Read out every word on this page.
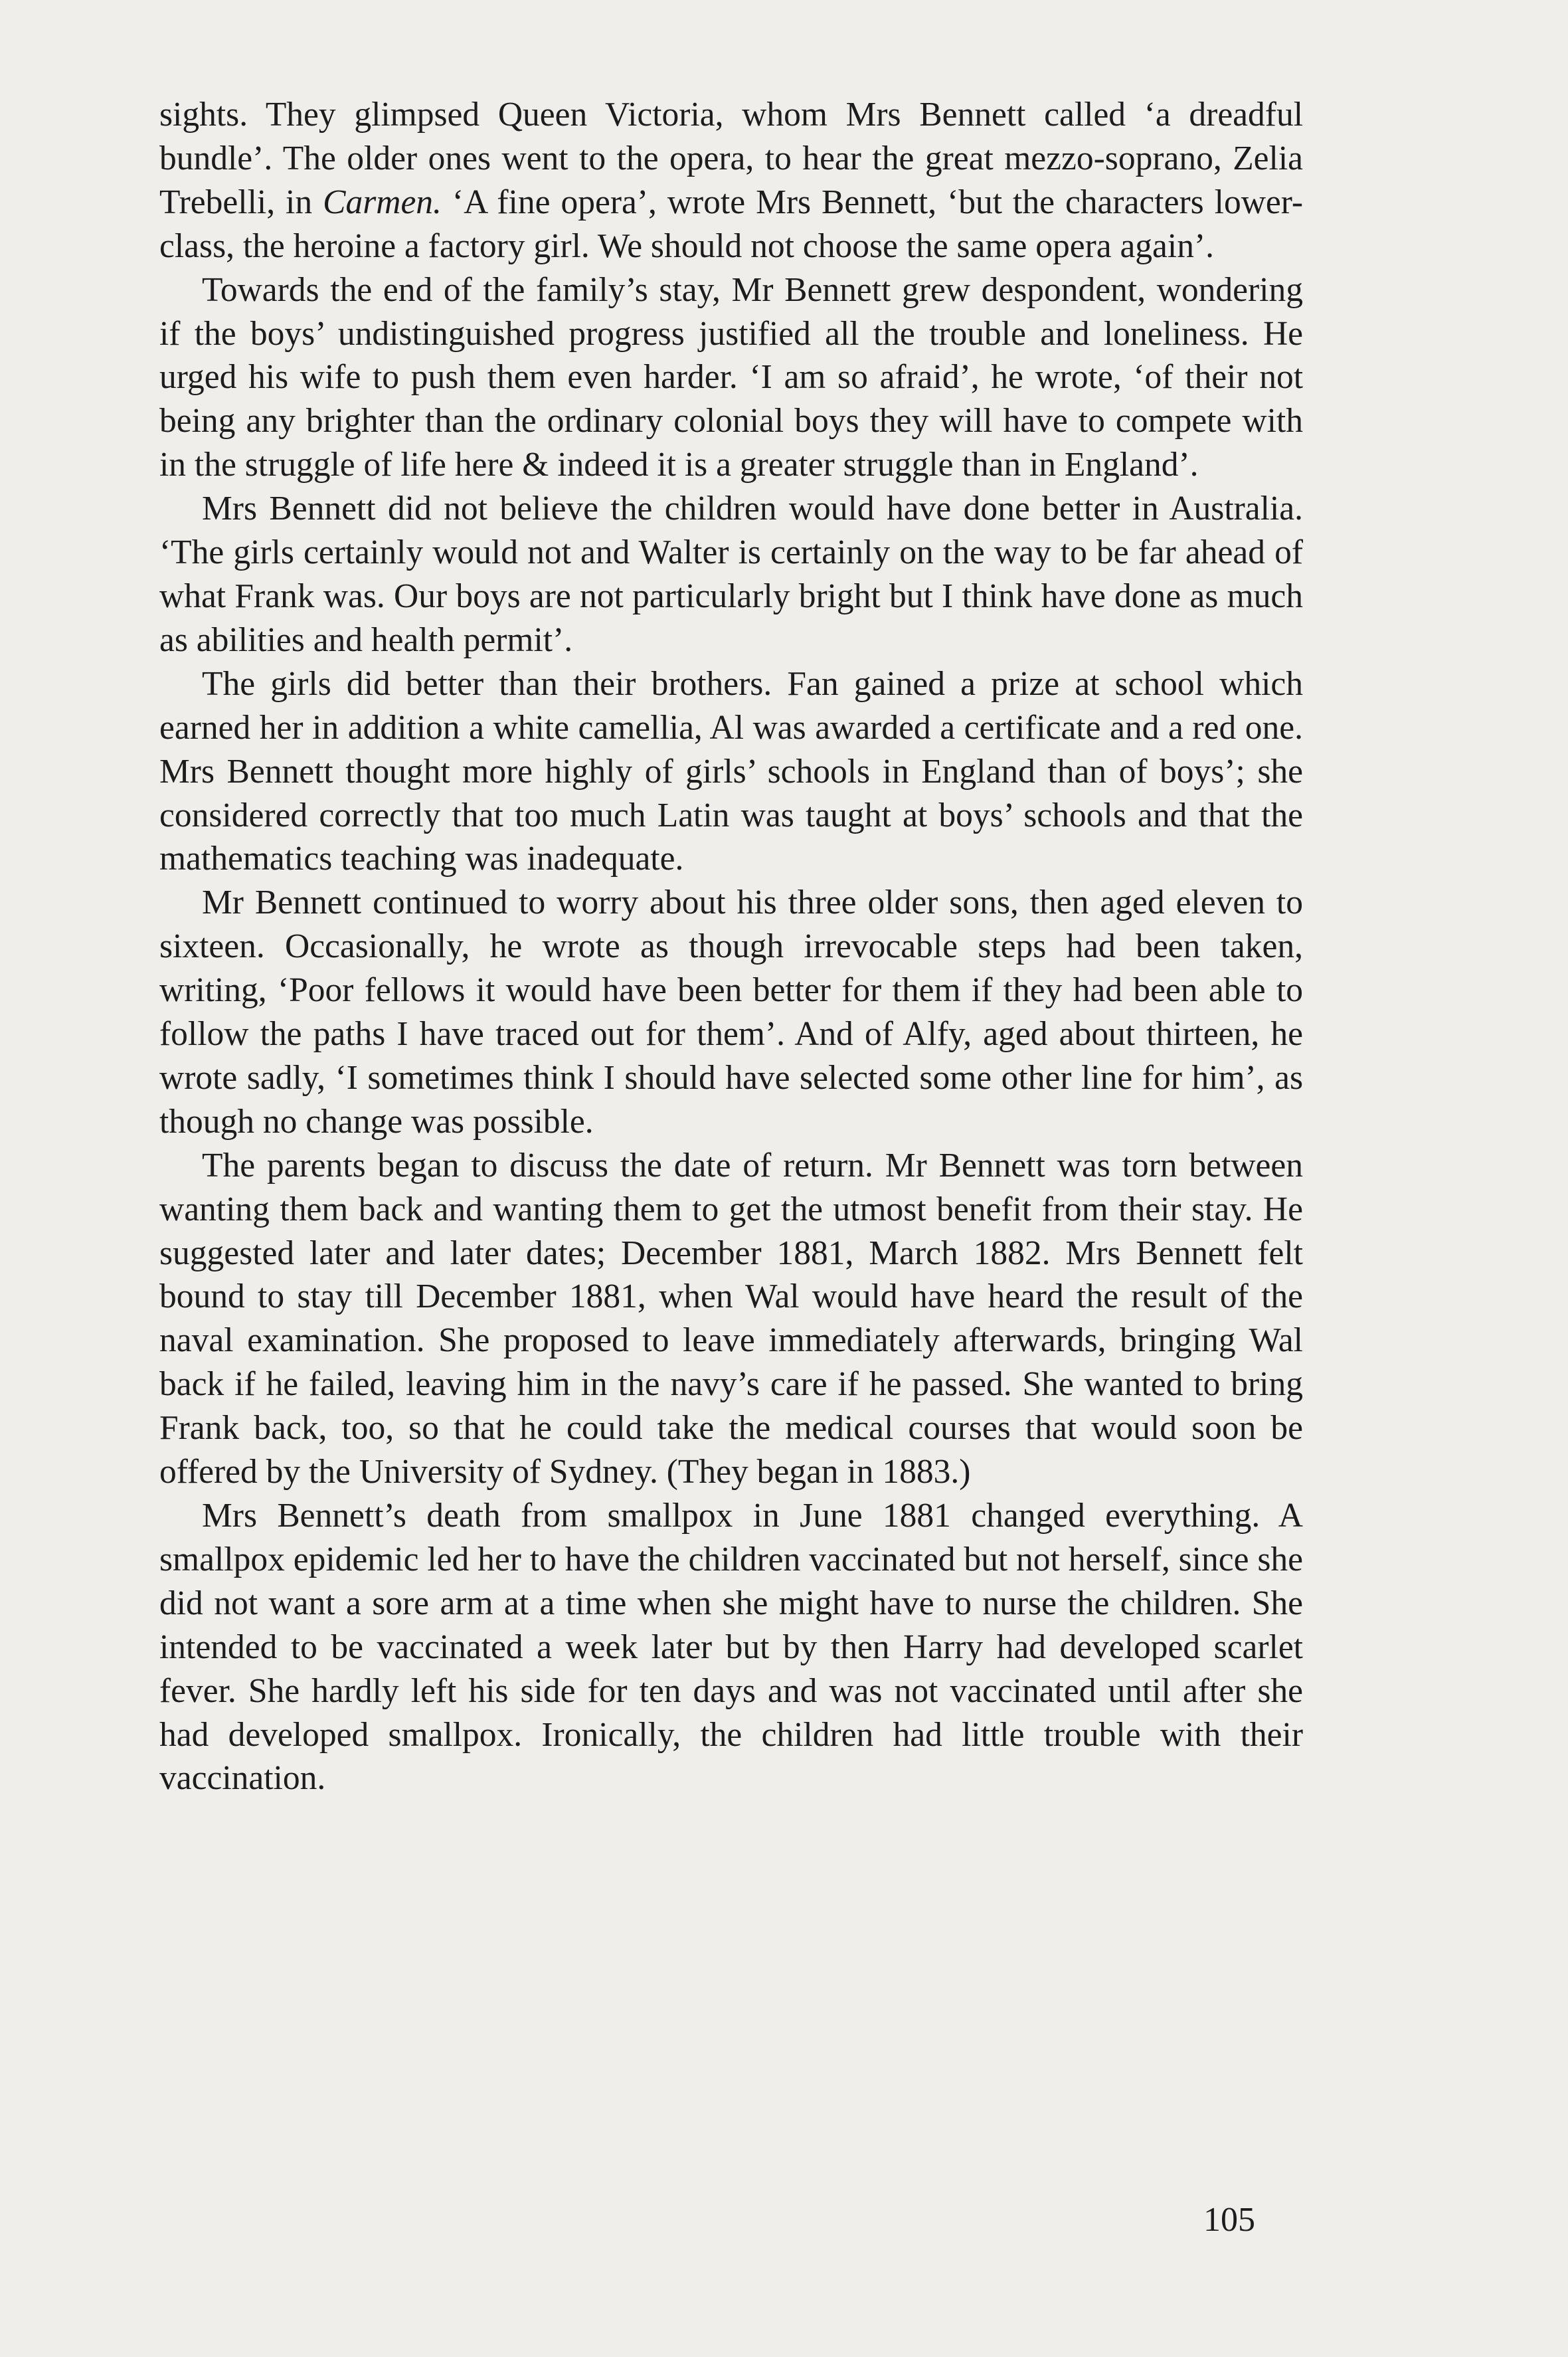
sights. They glimpsed Queen Victoria, whom Mrs Bennett called ‘a dreadful bundle’. The older ones went to the opera, to hear the great mezzo-soprano, Zelia Trebelli, in Carmen. ‘A fine opera’, wrote Mrs Bennett, ‘but the characters lower-class, the heroine a factory girl. We should not choose the same opera again’.

Towards the end of the family’s stay, Mr Bennett grew despondent, wondering if the boys’ undistinguished progress justified all the trouble and loneliness. He urged his wife to push them even harder. ‘I am so afraid’, he wrote, ‘of their not being any brighter than the ordinary colonial boys they will have to compete with in the struggle of life here & indeed it is a greater struggle than in England’.

Mrs Bennett did not believe the children would have done better in Australia. ‘The girls certainly would not and Walter is certainly on the way to be far ahead of what Frank was. Our boys are not particularly bright but I think have done as much as abilities and health permit’.

The girls did better than their brothers. Fan gained a prize at school which earned her in addition a white camellia, Al was awarded a certificate and a red one. Mrs Bennett thought more highly of girls’ schools in England than of boys’; she considered correctly that too much Latin was taught at boys’ schools and that the mathematics teaching was inadequate.

Mr Bennett continued to worry about his three older sons, then aged eleven to sixteen. Occasionally, he wrote as though irrevocable steps had been taken, writing, ‘Poor fellows it would have been better for them if they had been able to follow the paths I have traced out for them’. And of Alfy, aged about thirteen, he wrote sadly, ‘I sometimes think I should have selected some other line for him’, as though no change was possible.

The parents began to discuss the date of return. Mr Bennett was torn between wanting them back and wanting them to get the utmost benefit from their stay. He suggested later and later dates; December 1881, March 1882. Mrs Bennett felt bound to stay till December 1881, when Wal would have heard the result of the naval examination. She proposed to leave immediately afterwards, bringing Wal back if he failed, leaving him in the navy’s care if he passed. She wanted to bring Frank back, too, so that he could take the medical courses that would soon be offered by the University of Sydney. (They began in 1883.)

Mrs Bennett’s death from smallpox in June 1881 changed everything. A smallpox epidemic led her to have the children vaccinated but not herself, since she did not want a sore arm at a time when she might have to nurse the children. She intended to be vaccinated a week later but by then Harry had developed scarlet fever. She hardly left his side for ten days and was not vaccinated until after she had developed smallpox. Ironically, the children had little trouble with their vaccination.

105
